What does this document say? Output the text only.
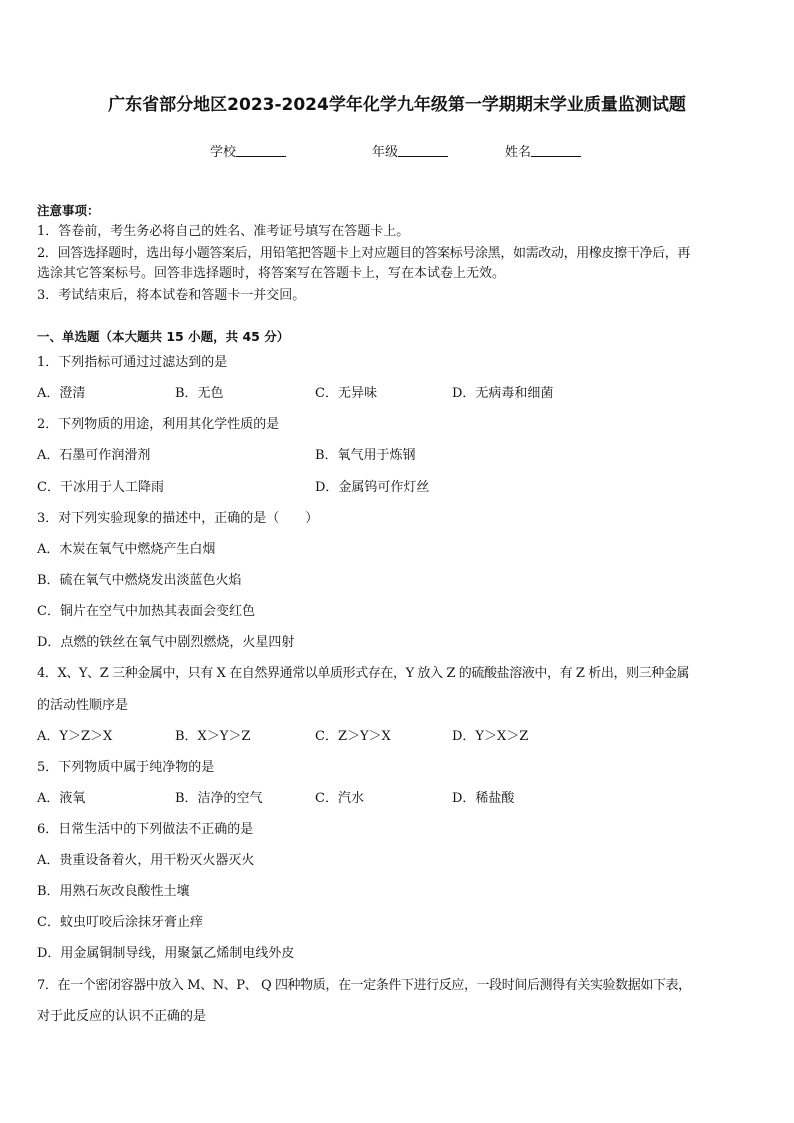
广东省部分地区2023-2024学年化学九年级第一学期期末学业质量监测试题
学校	年级	姓名
注意事项：
1．答卷前，考生务必将自己的姓名、准考证号填写在答题卡上。
2．回答选择题时，选出每小题答案后，用铅笔把答题卡上对应题目的答案标号涂黑，如需改动，用橡皮擦干净后，再
选涂其它答案标号。回答非选择题时，将答案写在答题卡上，写在本试卷上无效。
3．考试结束后，将本试卷和答题卡一并交回。
一、单选题（本大题共 15 小题，共 45 分）
1．下列指标可通过过滤达到的是
A．澄清	B．无色	C．无异味	D．无病毒和细菌
2．下列物质的用途，利用其化学性质的是
A．石墨可作润滑剂	B．氧气用于炼钢
C．干冰用于人工降雨	D．金属钨可作灯丝
3．对下列实验现象的描述中，正确的是（　　）
A．木炭在氧气中燃烧产生白烟
B．硫在氧气中燃烧发出淡蓝色火焰
C．铜片在空气中加热其表面会变红色
D．点燃的铁丝在氧气中剧烈燃烧，火星四射
4．X、Y、Z 三种金属中，只有 X 在自然界通常以单质形式存在，Y 放入 Z 的硫酸盐溶液中，有 Z 析出，则三种金属
的活动性顺序是
A．Y＞Z＞X	B．X＞Y＞Z	C．Z＞Y＞X	D．Y＞X＞Z
5．下列物质中属于纯净物的是
A．液氧	B．洁净的空气	C．汽水	D．稀盐酸
6．日常生活中的下列做法不正确的是
A．贵重设备着火，用干粉灭火器灭火
B．用熟石灰改良酸性土壤
C．蚊虫叮咬后涂抹牙膏止痒
D．用金属铜制导线，用聚氯乙烯制电线外皮
7．在一个密闭容器中放入 M、N、P、 Q 四种物质，在一定条件下进行反应，一段时间后测得有关实验数据如下表，
对于此反应的认识不正确的是
